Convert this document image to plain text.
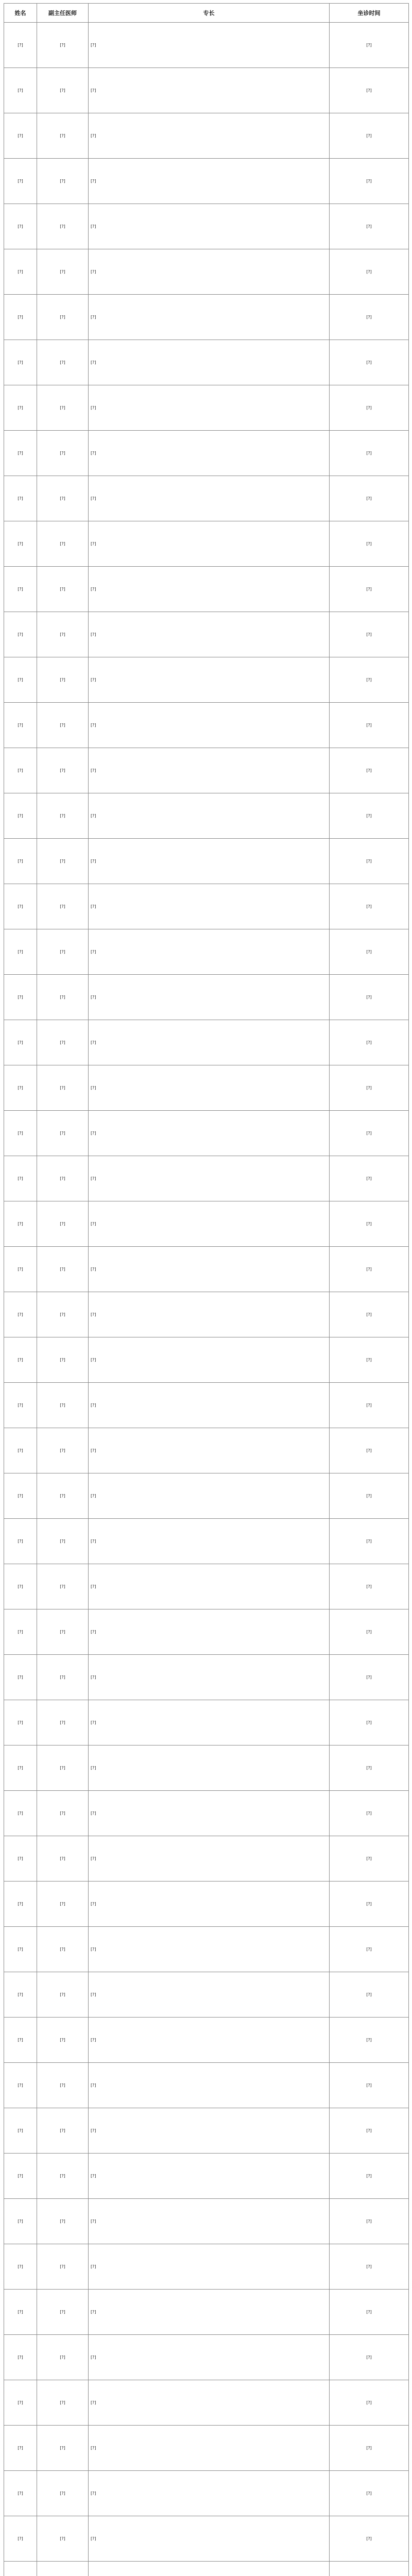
姓名	副主任医师	专长	坐诊时间
[?]	[?]	[?]	[?]
[?]	[?]	[?]	[?]
[?]	[?]	[?]	[?]
[?]	[?]	[?]	[?]
[?]	[?]	[?]	[?]
[?]	[?]	[?]	[?]
[?]	[?]	[?]	[?]
[?]	[?]	[?]	[?]
[?]	[?]	[?]	[?]
[?]	[?]	[?]	[?]
[?]	[?]	[?]	[?]
[?]	[?]	[?]	[?]
[?]	[?]	[?]	[?]
[?]	[?]	[?]	[?]
[?]	[?]	[?]	[?]
[?]	[?]	[?]	[?]
[?]	[?]	[?]	[?]
[?]	[?]	[?]	[?]
[?]	[?]	[?]	[?]
[?]	[?]	[?]	[?]
[?]	[?]	[?]	[?]
[?]	[?]	[?]	[?]
[?]	[?]	[?]	[?]
[?]	[?]	[?]	[?]
[?]	[?]	[?]	[?]
[?]	[?]	[?]	[?]
[?]	[?]	[?]	[?]
[?]	[?]	[?]	[?]
[?]	[?]	[?]	[?]
[?]	[?]	[?]	[?]
[?]	[?]	[?]	[?]
[?]	[?]	[?]	[?]
[?]	[?]	[?]	[?]
[?]	[?]	[?]	[?]
[?]	[?]	[?]	[?]
[?]	[?]	[?]	[?]
[?]	[?]	[?]	[?]
[?]	[?]	[?]	[?]
[?]	[?]	[?]	[?]
[?]	[?]	[?]	[?]
[?]	[?]	[?]	[?]
[?]	[?]	[?]	[?]
[?]	[?]	[?]	[?]
[?]	[?]	[?]	[?]
[?]	[?]	[?]	[?]
[?]	[?]	[?]	[?]
[?]	[?]	[?]	[?]
[?]	[?]	[?]	[?]
[?]	[?]	[?]	[?]
[?]	[?]	[?]	[?]
[?]	[?]	[?]	[?]
[?]	[?]	[?]	[?]
[?]	[?]	[?]	[?]
[?]	[?]	[?]	[?]
[?]	[?]	[?]	[?]
[?]	[?]	[?]	[?]
